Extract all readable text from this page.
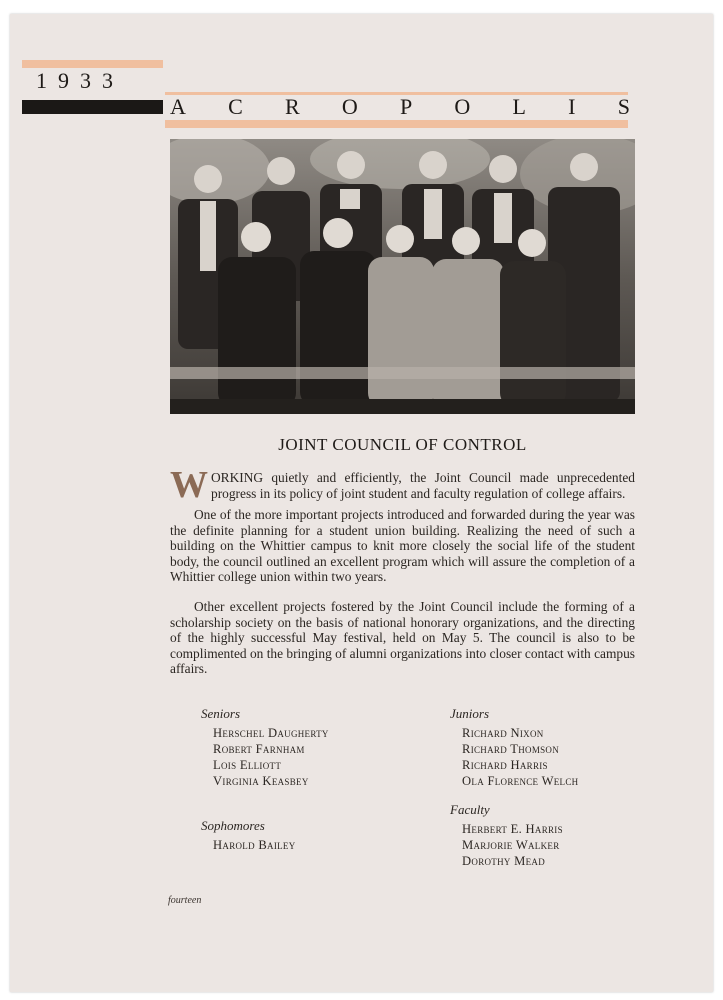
1933
A C R O P O L I S
JOINT COUNCIL OF CONTROL

WORKING quietly and efficiently, the Joint Council made unprecedented progress in its policy of joint student and faculty regulation of college affairs.

One of the more important projects introduced and forwarded during the year was the definite planning for a student union building. Realizing the need of such a building on the Whittier campus to knit more closely the social life of the student body, the council outlined an excellent program which will assure the completion of a Whittier college union within two years.

Other excellent projects fostered by the Joint Council include the forming of a scholarship society on the basis of national honorary organizations, and the directing of the highly successful May festival, held on May 5. The council is also to be complimented on the bringing of alumni organizations into closer contact with campus affairs.

Seniors
Herschel Daugherty
Robert Farnham
Lois Elliott
Virginia Keasbey
Sophomores
Harold Bailey
Juniors
Richard Nixon
Richard Thomson
Richard Harris
Ola Florence Welch
Faculty
Herbert E. Harris
Marjorie Walker
Dorothy Mead
fourteen
